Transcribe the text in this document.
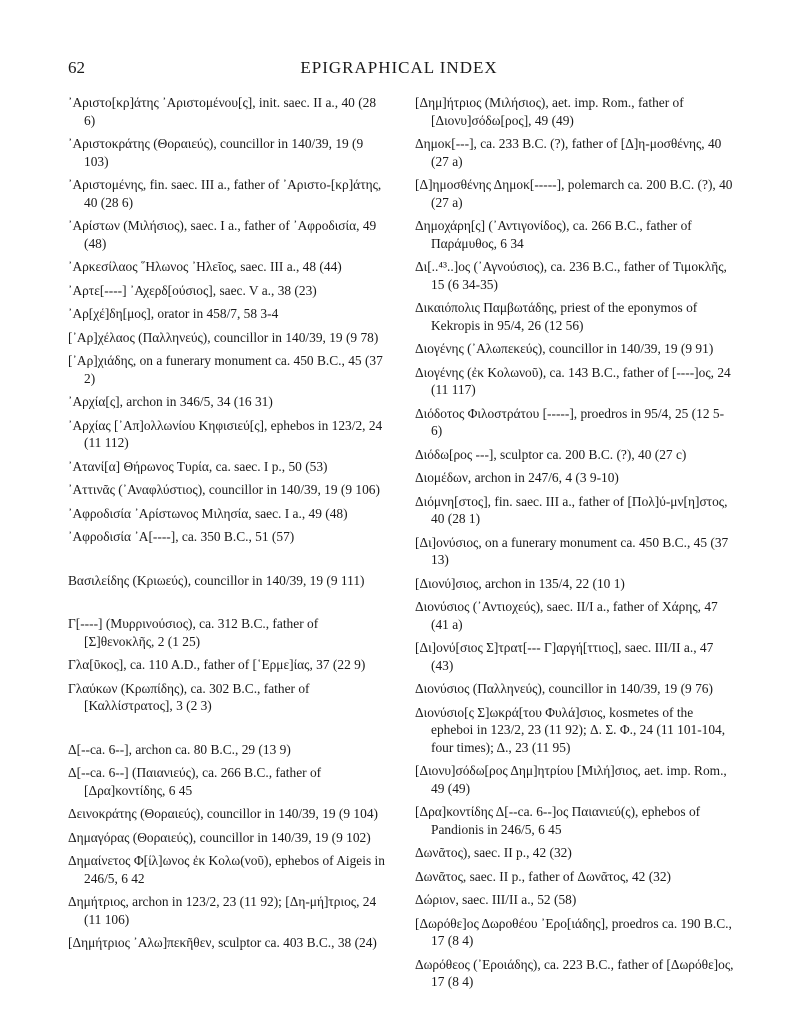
62	EPIGRAPHICAL INDEX

᾿Αριστο[κρ]άτης ᾿Αριστομένου[ς], init. saec. II a., 40 (28 6)

᾿Αριστοκράτης (Θοραιεύς), councillor in 140/39, 19 (9 103)

᾿Αριστομένης, fin. saec. III a., father of ᾿Αριστο-[κρ]άτης, 40 (28 6)

᾿Αρίστων (Μιλήσιος), saec. I a., father of ᾿Αφροδισία, 49 (48)

᾿Αρκεσίλαος ῞Ηλωνος ᾿Ηλεῖος, saec. III a., 48 (44)

᾿Αρτε[----] ᾿Αχερδ[ούσιος], saec. V a., 38 (23)

᾿Αρ[χέ]δη[μος], orator in 458/7, 58 3-4

[᾿Αρ]χέλαος (Παλληνεύς), councillor in 140/39, 19 (9 78)

[᾿Αρ]χιάδης, on a funerary monument ca. 450 B.C., 45 (37 2)

᾿Αρχία[ς], archon in 346/5, 34 (16 31)

᾿Αρχίας [᾿Απ]ολλωνίου Κηφισιεύ[ς], ephebos in 123/2, 24 (11 112)

᾿Ατανί[α] Θήρωνος Τυρία, ca. saec. I p., 50 (53)

᾿Αττινᾶς (᾿Αναφλύστιος), councillor in 140/39, 19 (9 106)

᾿Αφροδισία ᾿Αρίστωνος Μιλησία, saec. I a., 49 (48)

᾿Αφροδισία ᾿Α[----], ca. 350 B.C., 51 (57)

Βασιλείδης (Κριωεύς), councillor in 140/39, 19 (9 111)

Γ[----] (Μυρρινούσιος), ca. 312 B.C., father of [Σ]θενοκλῆς, 2 (1 25)

Γλα[ῦκος], ca. 110 A.D., father of [῾Ερμε]ίας, 37 (22 9)

Γλαύκων (Κρωπίδης), ca. 302 B.C., father of [Καλλίστρατος], 3 (2 3)

Δ[--ca. 6--], archon ca. 80 B.C., 29 (13 9)

Δ[--ca. 6--] (Παιανιεύς), ca. 266 B.C., father of [Δρα]κοντίδης, 6 45

Δεινοκράτης (Θοραιεύς), councillor in 140/39, 19 (9 104)

Δημαγόρας (Θοραιεύς), councillor in 140/39, 19 (9 102)

Δημαίνετος Φ[ίλ]ωνος ἐκ Κολω(νοῦ), ephebos of Aigeis in 246/5, 6 42

Δημήτριος, archon in 123/2, 23 (11 92); [Δη-μή]τριος, 24 (11 106)

[Δημήτριος ᾿Αλω]πεκῆθεν, sculptor ca. 403 B.C., 38 (24)

[Δημ]ήτριος (Μιλήσιος), aet. imp. Rom., father of [Διονυ]σόδω[ρος], 49 (49)

Δημοκ[---], ca. 233 B.C. (?), father of [Δ]η-μοσθένης, 40 (27 a)

[Δ]ημοσθένης Δημοκ[-----], polemarch ca. 200 B.C. (?), 40 (27 a)

Δημοχάρη[ς] (᾿Αντιγονίδος), ca. 266 B.C., father of Παράμυθος, 6 34

Δι[..⁴³..]ος (᾿Αγνούσιος), ca. 236 B.C., father of Τιμοκλῆς, 15 (6 34-35)

Δικαιόπολις Παμβωτάδης, priest of the eponymos of Kekropis in 95/4, 26 (12 56)

Διογένης (᾿Αλωπεκεύς), councillor in 140/39, 19 (9 91)

Διογένης (ἐκ Κολωνοῦ), ca. 143 B.C., father of [----]ος, 24 (11 117)

Διόδοτος Φιλοστράτου [-----], proedros in 95/4, 25 (12 5-6)

Διόδω[ρος ---], sculptor ca. 200 B.C. (?), 40 (27 c)

Διομέδων, archon in 247/6, 4 (3 9-10)

Διόμνη[στος], fin. saec. III a., father of [Πολ]ύ-μν[η]στος, 40 (28 1)

[Δι]ονύσιος, on a funerary monument ca. 450 B.C., 45 (37 13)

[Διονύ]σιος, archon in 135/4, 22 (10 1)

Διονύσιος (᾿Αντιοχεύς), saec. II/I a., father of Χάρης, 47 (41 a)

[Δι]ονύ[σιος Σ]τρατ[--- Γ]αργή[ττιος], saec. III/II a., 47 (43)

Διονύσιος (Παλληνεύς), councillor in 140/39, 19 (9 76)

Διονύσιο[ς Σ]ωκρά[του Φυλά]σιος, kosmetes of the epheboi in 123/2, 23 (11 92); Δ. Σ. Φ., 24 (11 101-104, four times); Δ., 23 (11 95)

[Διονυ]σόδω[ρος Δημ]ητρίου [Μιλή]σιος, aet. imp. Rom., 49 (49)

[Δρα]κοντίδης Δ[--ca. 6--]ος Παιανιεύ(ς), ephebos of Pandionis in 246/5, 6 45

Δωνᾶτος), saec. II p., 42 (32)

Δωνᾶτος, saec. II p., father of Δωνᾶτος, 42 (32)

Δώριον, saec. III/II a., 52 (58)

[Δωρόθε]ος Δωροθέου ᾿Ερο[ιάδης], proedros ca. 190 B.C., 17 (8 4)

Δωρόθεος (᾿Εροιάδης), ca. 223 B.C., father of [Δωρόθε]ος, 17 (8 4)
